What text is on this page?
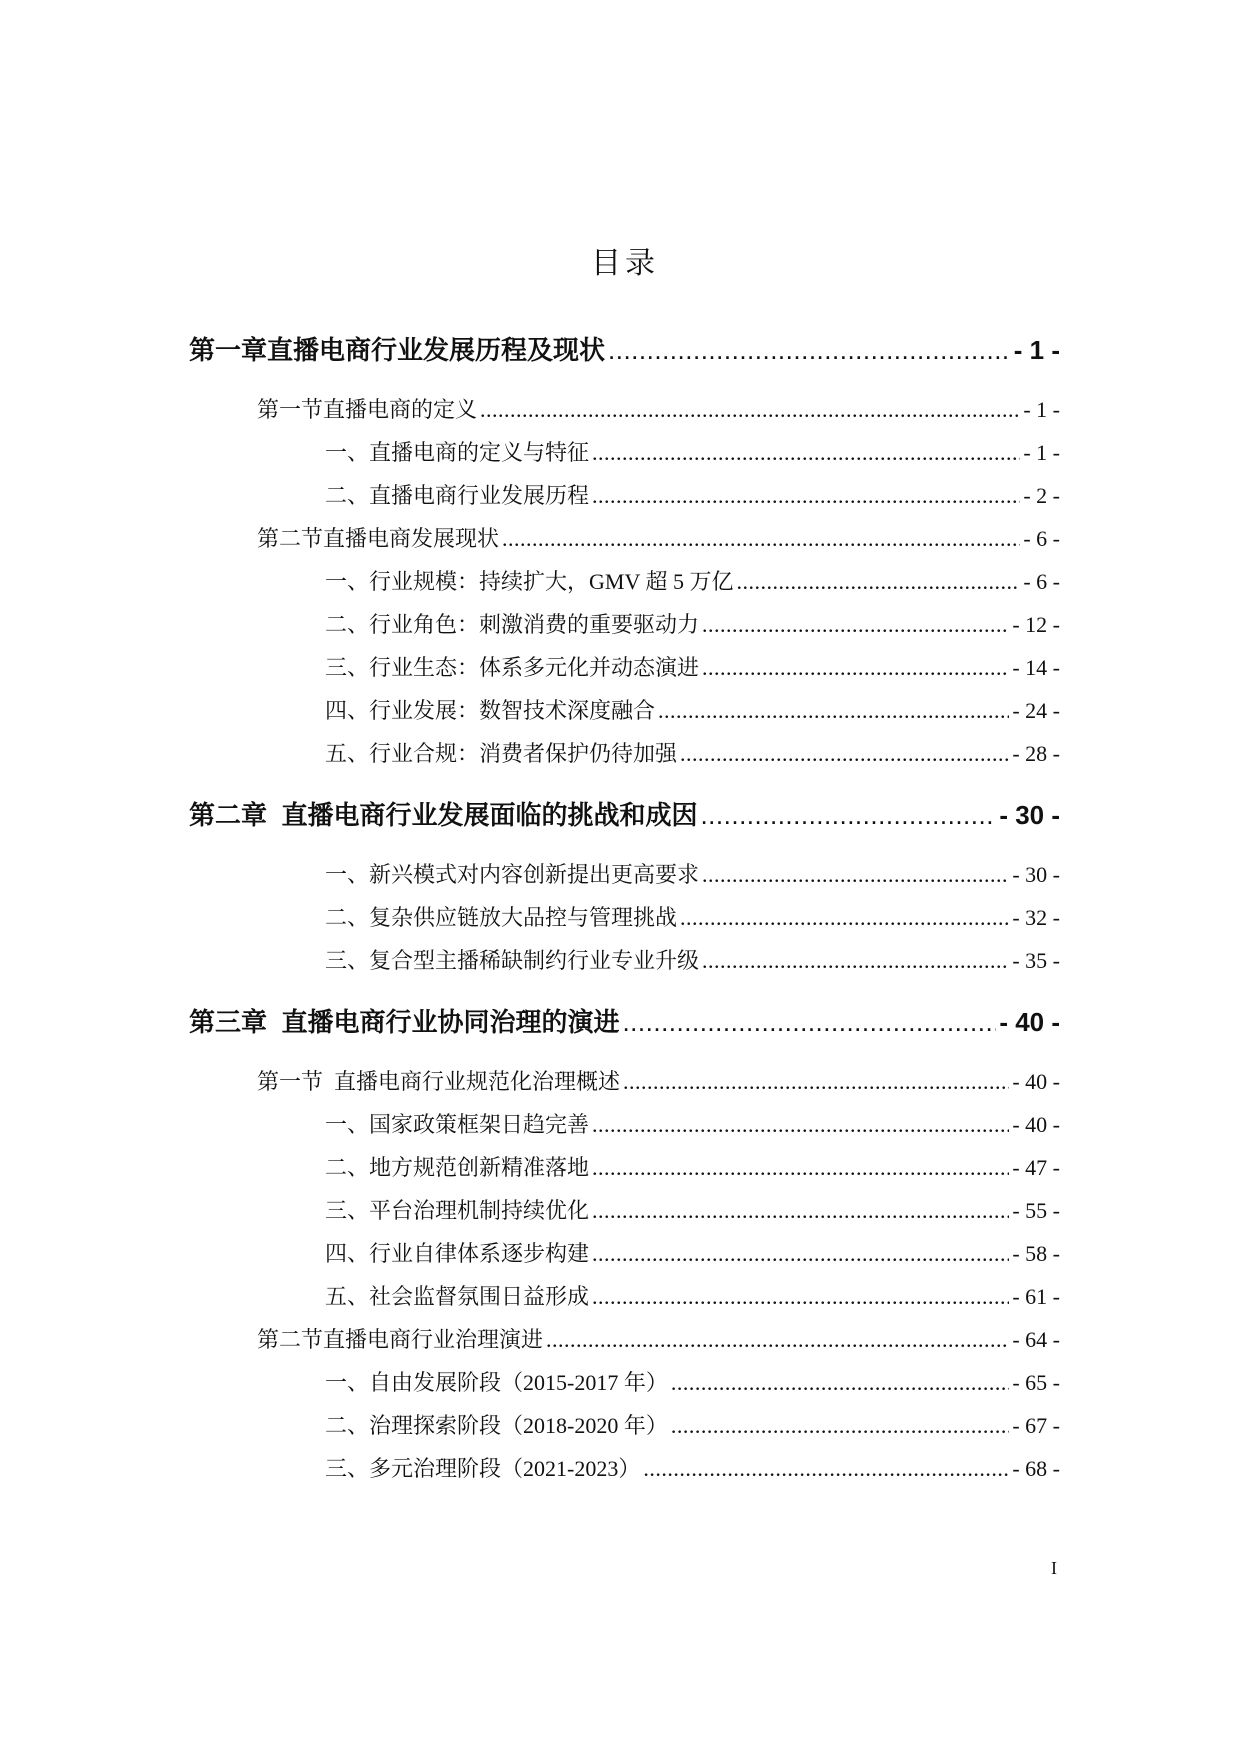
目录
第一章直播电商行业发展历程及现状 .....	- 1 -
第一节直播电商的定义 .....	- 1 -
一、直播电商的定义与特征 .....	- 1 -
二、直播电商行业发展历程 .....	- 2 -
第二节直播电商发展现状 .....	- 6 -
一、行业规模：持续扩大，GMV 超 5 万亿 .....	- 6 -
二、行业角色：刺激消费的重要驱动力 .....	- 12 -
三、行业生态：体系多元化并动态演进 .....	- 14 -
四、行业发展：数智技术深度融合 .....	- 24 -
五、行业合规：消费者保护仍待加强 .....	- 28 -
第二章  直播电商行业发展面临的挑战和成因 .....	- 30 -
一、新兴模式对内容创新提出更高要求 .....	- 30 -
二、复杂供应链放大品控与管理挑战 .....	- 32 -
三、复合型主播稀缺制约行业专业升级 .....	- 35 -
第三章  直播电商行业协同治理的演进 .....	- 40 -
第一节  直播电商行业规范化治理概述 .....	- 40 -
一、国家政策框架日趋完善 .....	- 40 -
二、地方规范创新精准落地 .....	- 47 -
三、平台治理机制持续优化 .....	- 55 -
四、行业自律体系逐步构建 .....	- 58 -
五、社会监督氛围日益形成 .....	- 61 -
第二节直播电商行业治理演进 .....	- 64 -
一、自由发展阶段（2015-2017 年） .....	- 65 -
二、治理探索阶段（2018-2020 年） .....	- 67 -
三、多元治理阶段（2021-2023） .....	- 68 -
I
